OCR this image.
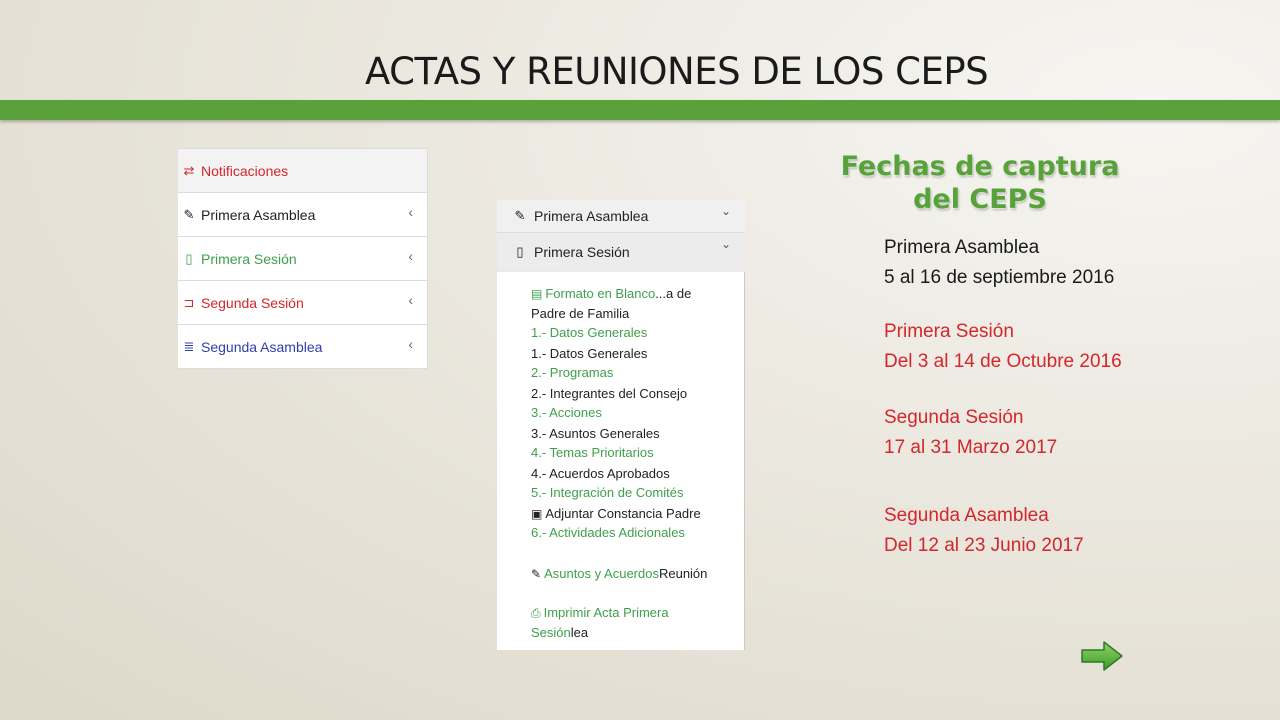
ACTAS Y REUNIONES DE LOS CEPS
⇄ Notificaciones
✎ Primera Asamblea	‹
▯ Primera Sesión	‹
⊐ Segunda Sesión	‹
≣ Segunda Asamblea	‹
✎ Primera Asamblea	⌄
▯ Primera Sesión	⌄
▤ Formato en Blanco...a de
Padre de Familia
1.- Datos Generales
1.- Datos Generales
2.- Programas
2.- Integrantes del Consejo
3.- Acciones
3.- Asuntos Generales
4.- Temas Prioritarios
4.- Acuerdos Aprobados
5.- Integración de Comités
▣ Adjuntar Constancia Padre
6.- Actividades Adicionales
✎ Asuntos y AcuerdosReunión
⎙ Imprimir Acta Primera
Sesiónlea
Fechas de captura
del CEPS
Primera Asamblea
5 al 16 de septiembre 2016
Primera Sesión
Del 3 al 14 de Octubre 2016
Segunda Sesión
17 al 31 Marzo 2017
Segunda Asamblea
Del 12 al 23 Junio 2017
